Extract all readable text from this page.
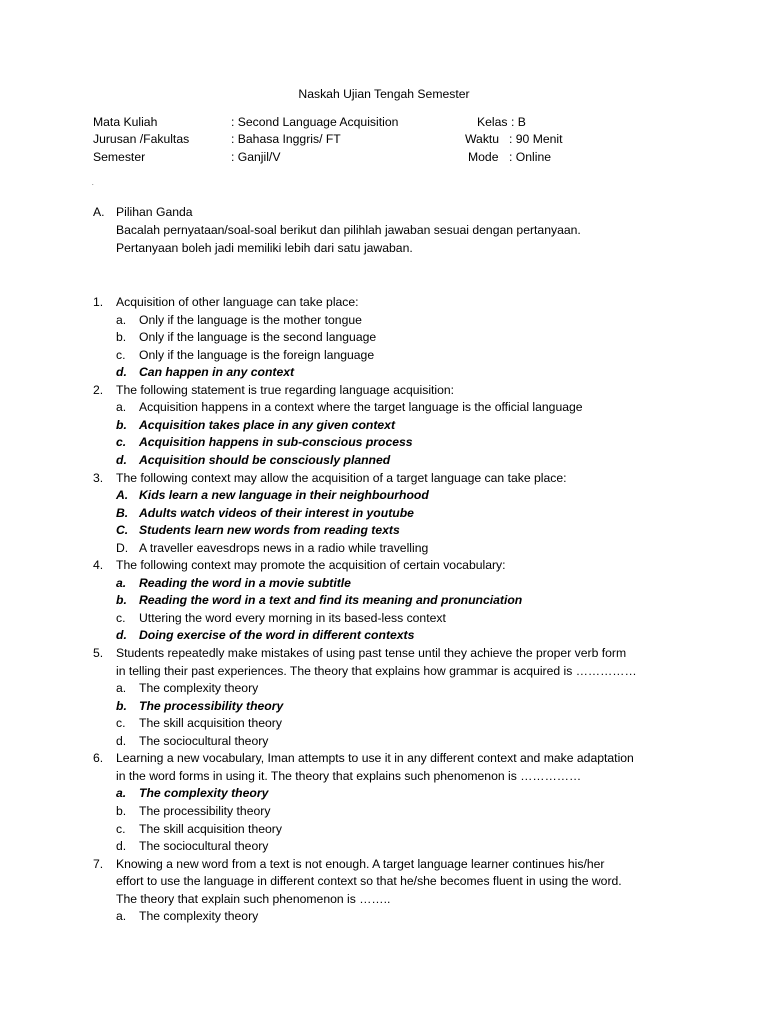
Naskah Ujian Tengah Semester
Mata Kuliah	: Second Language Acquisition	Kelas : B
Jurusan /Fakultas	: Bahasa Inggris/ FT	Waktu : 90 Menit
Semester	: Ganjil/V	Mode : Online
.
A. Pilihan Ganda
Bacalah pernyataan/soal-soal berikut dan pilihlah jawaban sesuai dengan pertanyaan.
Pertanyaan boleh jadi memiliki lebih dari satu jawaban.
1. Acquisition of other language can take place:
a. Only if the language is the mother tongue
b. Only if the language is the second language
c. Only if the language is the foreign language
d. Can happen in any context
2. The following statement is true regarding language acquisition:
a. Acquisition happens in a context where the target language is the official language
b. Acquisition takes place in any given context
c. Acquisition happens in sub-conscious process
d. Acquisition should be consciously planned
3. The following context may allow the acquisition of a target language can take place:
A. Kids learn a new language in their neighbourhood
B. Adults watch videos of their interest in youtube
C. Students learn new words from reading texts
D. A traveller eavesdrops news in a radio while travelling
4. The following context may promote the acquisition of certain vocabulary:
a. Reading the word in a movie subtitle
b. Reading the word in a text and find its meaning and pronunciation
c. Uttering the word every morning in its based-less context
d. Doing exercise of the word in different contexts
5. Students repeatedly make mistakes of using past tense until they achieve the proper verb form
in telling their past experiences. The theory that explains how grammar is acquired is ……………
a. The complexity theory
b. The processibility theory
c. The skill acquisition theory
d. The sociocultural theory
6. Learning a new vocabulary, Iman attempts to use it in any different context and make adaptation
in the word forms in using it. The theory that explains such phenomenon is ……………
a. The complexity theory
b. The processibility theory
c. The skill acquisition theory
d. The sociocultural theory
7. Knowing a new word from a text is not enough. A target language learner continues his/her
effort to use the language in different context so that he/she becomes fluent in using the word.
The theory that explain such phenomenon is ……..
a. The complexity theory
